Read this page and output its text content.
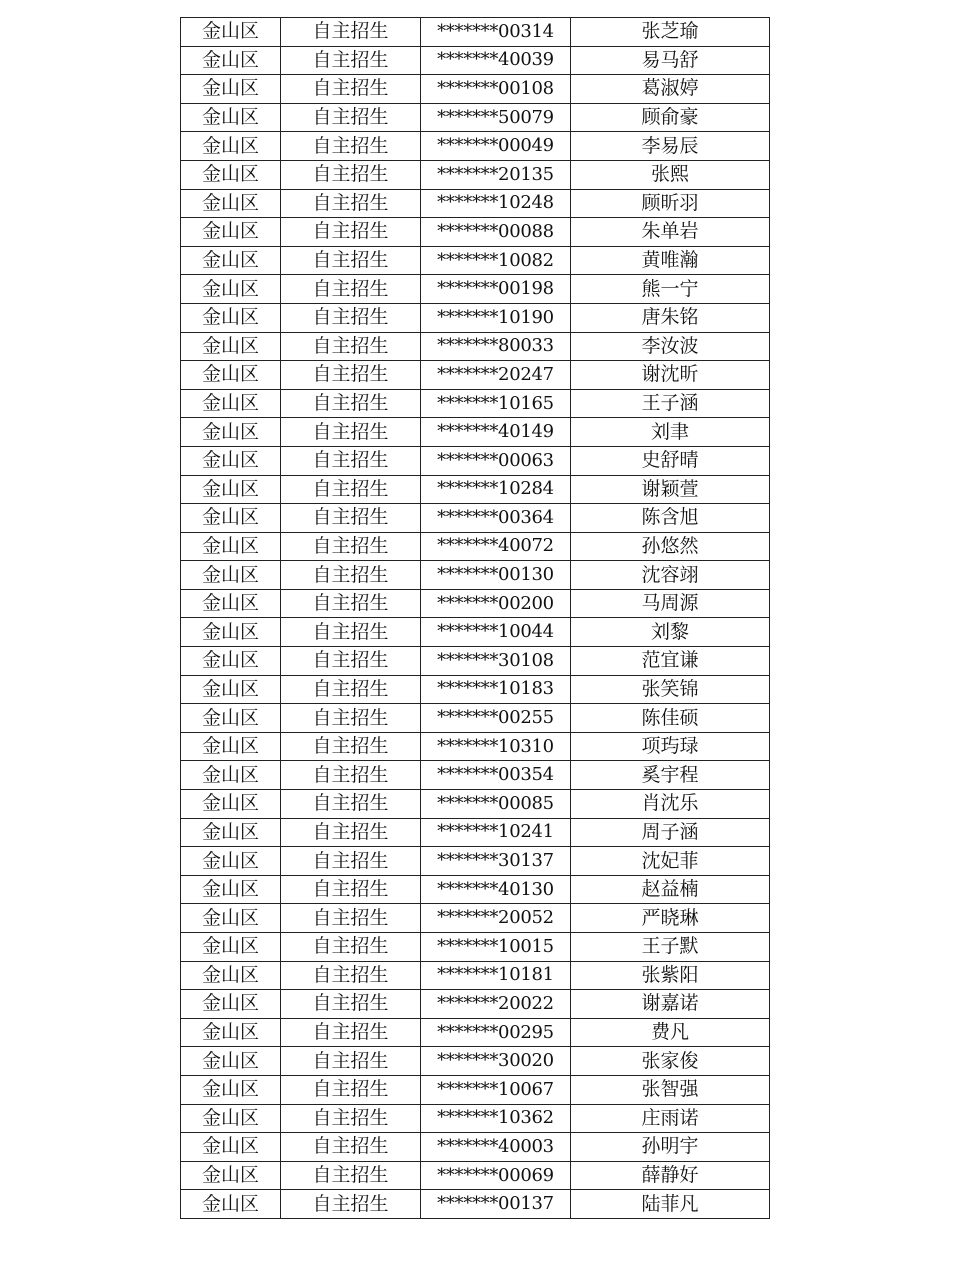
金山区	自主招生	*******00314	张芝瑜
金山区	自主招生	*******40039	易马舒
金山区	自主招生	*******00108	葛淑婷
金山区	自主招生	*******50079	顾俞豪
金山区	自主招生	*******00049	李易辰
金山区	自主招生	*******20135	张熙
金山区	自主招生	*******10248	顾昕羽
金山区	自主招生	*******00088	朱单岩
金山区	自主招生	*******10082	黄唯瀚
金山区	自主招生	*******00198	熊一宁
金山区	自主招生	*******10190	唐朱铭
金山区	自主招生	*******80033	李汝波
金山区	自主招生	*******20247	谢沈昕
金山区	自主招生	*******10165	王子涵
金山区	自主招生	*******40149	刘聿
金山区	自主招生	*******00063	史舒晴
金山区	自主招生	*******10284	谢颖萱
金山区	自主招生	*******00364	陈含旭
金山区	自主招生	*******40072	孙悠然
金山区	自主招生	*******00130	沈容翊
金山区	自主招生	*******00200	马周源
金山区	自主招生	*******10044	刘黎
金山区	自主招生	*******30108	范宜谦
金山区	自主招生	*******10183	张笑锦
金山区	自主招生	*******00255	陈佳硕
金山区	自主招生	*******10310	项玙琭
金山区	自主招生	*******00354	奚宇程
金山区	自主招生	*******00085	肖沈乐
金山区	自主招生	*******10241	周子涵
金山区	自主招生	*******30137	沈妃菲
金山区	自主招生	*******40130	赵益楠
金山区	自主招生	*******20052	严晓琳
金山区	自主招生	*******10015	王子默
金山区	自主招生	*******10181	张紫阳
金山区	自主招生	*******20022	谢嘉诺
金山区	自主招生	*******00295	费凡
金山区	自主招生	*******30020	张家俊
金山区	自主招生	*******10067	张智强
金山区	自主招生	*******10362	庄雨诺
金山区	自主招生	*******40003	孙明宇
金山区	自主招生	*******00069	薛静好
金山区	自主招生	*******00137	陆菲凡
